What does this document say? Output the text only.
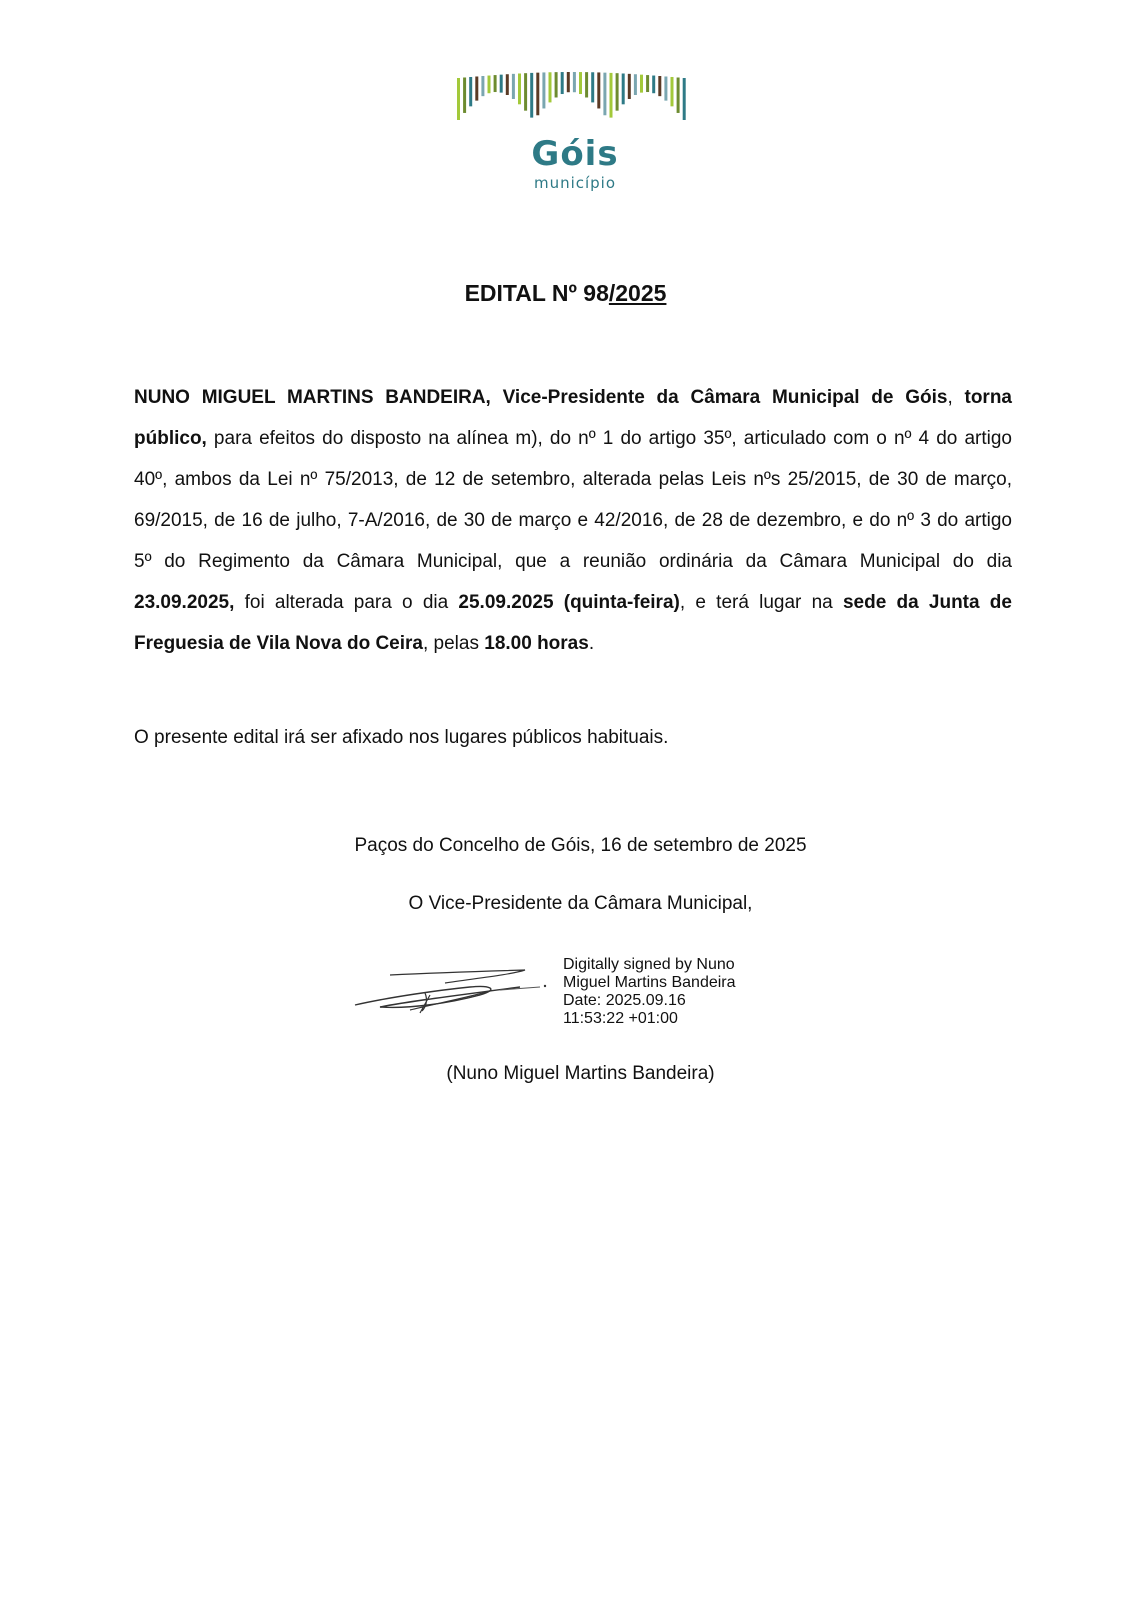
Góis
município
EDITAL Nº 98/2025
NUNO MIGUEL MARTINS BANDEIRA, Vice-Presidente da Câmara Municipal de Góis, torna público, para efeitos do disposto na alínea m), do nº 1 do artigo 35º, articulado com o nº 4 do artigo 40º, ambos da Lei nº 75/2013, de 12 de setembro, alterada pelas Leis nºs 25/2015, de 30 de março, 69/2015, de 16 de julho, 7-A/2016, de 30 de março e 42/2016, de 28 de dezembro, e do nº 3 do artigo 5º do Regimento da Câmara Municipal, que a reunião ordinária da Câmara Municipal do dia 23.09.2025, foi alterada para o dia 25.09.2025 (quinta-feira), e terá lugar na sede da Junta de Freguesia de Vila Nova do Ceira, pelas 18.00 horas.
O presente edital irá ser afixado nos lugares públicos habituais.
Paços do Concelho de Góis, 16 de setembro de 2025
O Vice-Presidente da Câmara Municipal,
Digitally signed by Nuno
Miguel Martins Bandeira
Date: 2025.09.16
11:53:22 +01:00
(Nuno Miguel Martins Bandeira)
